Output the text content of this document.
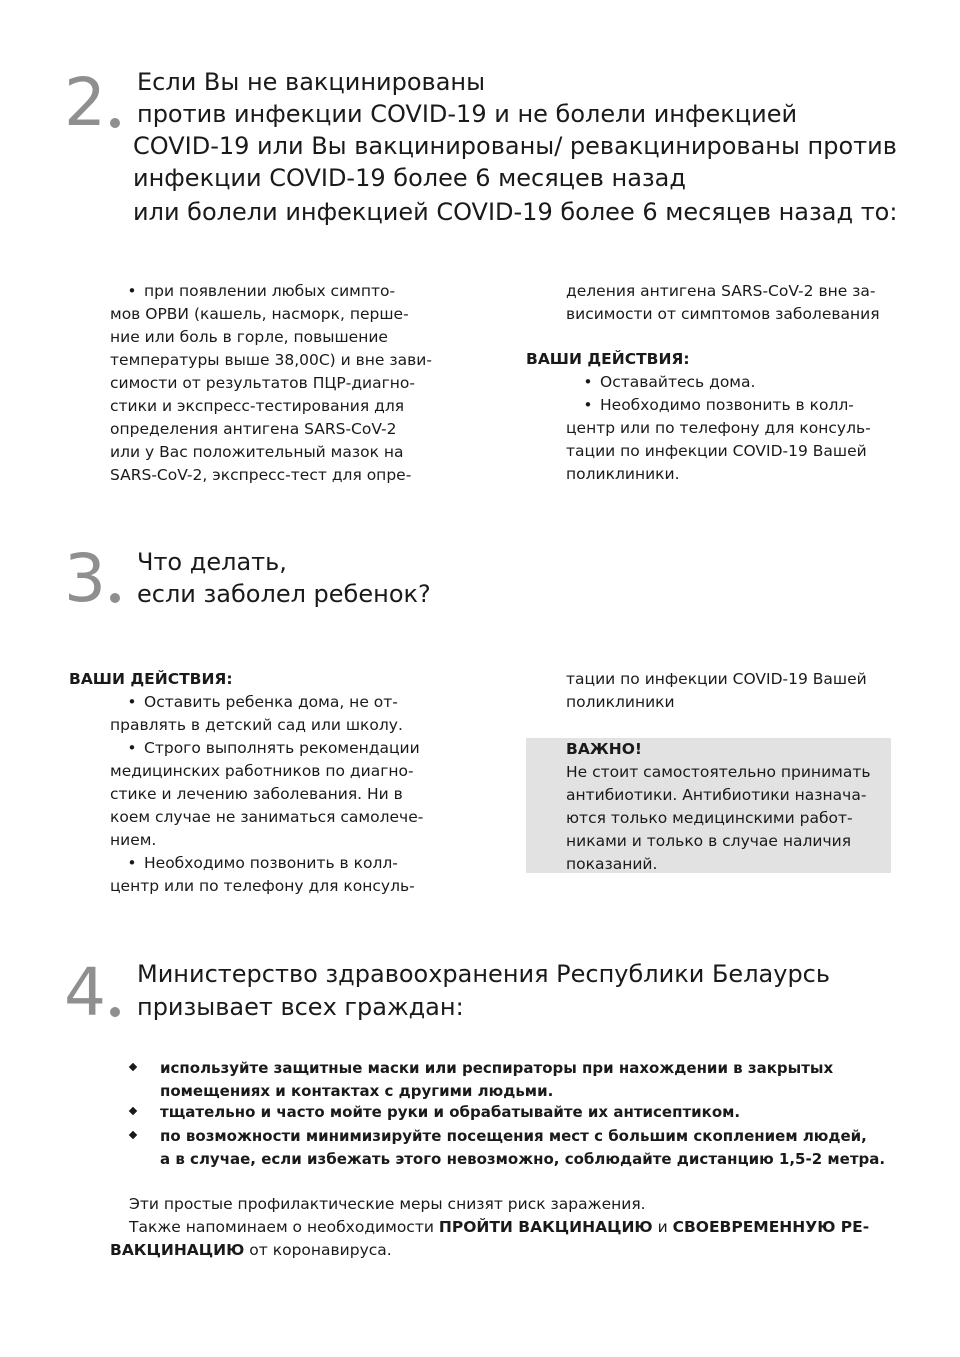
2 Если Вы не вакцинированы
против инфекции COVID-19 и не болели инфекцией
COVID-19 или Вы вакцинированы/ ревакцинированы против
инфекции COVID-19 более 6 месяцев назад
или болели инфекцией COVID-19 более 6 месяцев назад то:
• при появлении любых симпто-
мов ОРВИ (кашель, насморк, перше-
ние или боль в горле, повышение
температуры выше 38,00С) и вне зави-
симости от результатов ПЦР-диагно-
стики и экспресс-тестирования для
определения антигена SARS-CoV-2
или у Вас положительный мазок на
SARS-CoV-2, экспресс-тест для опре-
деления антигена SARS-CoV-2 вне за-
висимости от симптомов заболевания
ВАШИ ДЕЙСТВИЯ:
• Оставайтесь дома.
• Необходимо позвонить в колл-
центр или по телефону для консуль-
тации по инфекции COVID-19 Вашей
поликлиники.
3 Что делать,
если заболел ребенок?
ВАШИ ДЕЙСТВИЯ:
• Оставить ребенка дома, не от-
правлять в детский сад или школу.
• Строго выполнять рекомендации
медицинских работников по диагно-
стике и лечению заболевания. Ни в
коем случае не заниматься самолече-
нием.
• Необходимо позвонить в колл-
центр или по телефону для консуль-
тации по инфекции COVID-19 Вашей
поликлиники
ВАЖНО!
Не стоит самостоятельно принимать
антибиотики. Антибиотики назнача-
ются только медицинскими работ-
никами и только в случае наличия
показаний.
4 Министерство здравоохранения Республики Белаурсь
призывает всех граждан:
используйте защитные маски или респираторы при нахождении в закрытых
помещениях и контактах с другими людьми.
тщательно и часто мойте руки и обрабатывайте их антисептиком.
по возможности минимизируйте посещения мест с большим скоплением людей,
а в случае, если избежать этого невозможно, соблюдайте дистанцию 1,5-2 метра.
Эти простые профилактические меры снизят риск заражения.
Также напоминаем о необходимости ПРОЙТИ ВАКЦИНАЦИЮ и СВОЕВРЕМЕННУЮ РЕ-
ВАКЦИНАЦИЮ от коронавируса.
